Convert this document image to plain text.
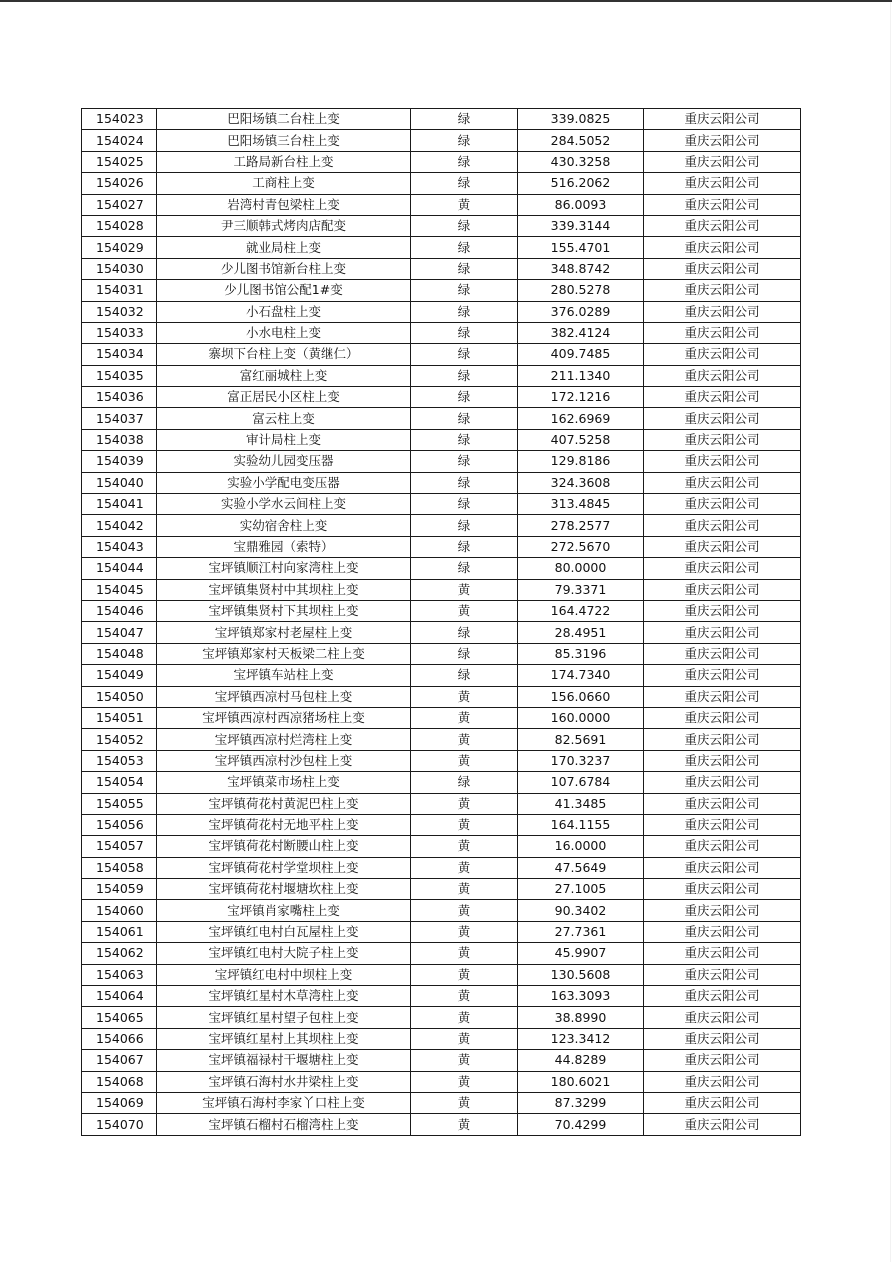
154023	巴阳场镇二台柱上变	绿	339.0825	重庆云阳公司
154024	巴阳场镇三台柱上变	绿	284.5052	重庆云阳公司
154025	工路局新台柱上变	绿	430.3258	重庆云阳公司
154026	工商柱上变	绿	516.2062	重庆云阳公司
154027	岩湾村青包梁柱上变	黄	86.0093	重庆云阳公司
154028	尹三顺韩式烤肉店配变	绿	339.3144	重庆云阳公司
154029	就业局柱上变	绿	155.4701	重庆云阳公司
154030	少儿图书馆新台柱上变	绿	348.8742	重庆云阳公司
154031	少儿图书馆公配1#变	绿	280.5278	重庆云阳公司
154032	小石盘柱上变	绿	376.0289	重庆云阳公司
154033	小水电柱上变	绿	382.4124	重庆云阳公司
154034	寨坝下台柱上变（黄继仁）	绿	409.7485	重庆云阳公司
154035	富红丽城柱上变	绿	211.1340	重庆云阳公司
154036	富正居民小区柱上变	绿	172.1216	重庆云阳公司
154037	富云柱上变	绿	162.6969	重庆云阳公司
154038	审计局柱上变	绿	407.5258	重庆云阳公司
154039	实验幼儿园变压器	绿	129.8186	重庆云阳公司
154040	实验小学配电变压器	绿	324.3608	重庆云阳公司
154041	实验小学水云间柱上变	绿	313.4845	重庆云阳公司
154042	实幼宿舍柱上变	绿	278.2577	重庆云阳公司
154043	宝鼎雅园（索特）	绿	272.5670	重庆云阳公司
154044	宝坪镇顺江村向家湾柱上变	绿	80.0000	重庆云阳公司
154045	宝坪镇集贤村中其坝柱上变	黄	79.3371	重庆云阳公司
154046	宝坪镇集贤村下其坝柱上变	黄	164.4722	重庆云阳公司
154047	宝坪镇郑家村老屋柱上变	绿	28.4951	重庆云阳公司
154048	宝坪镇郑家村天板梁二柱上变	绿	85.3196	重庆云阳公司
154049	宝坪镇车站柱上变	绿	174.7340	重庆云阳公司
154050	宝坪镇西凉村马包柱上变	黄	156.0660	重庆云阳公司
154051	宝坪镇西凉村西凉猪场柱上变	黄	160.0000	重庆云阳公司
154052	宝坪镇西凉村烂湾柱上变	黄	82.5691	重庆云阳公司
154053	宝坪镇西凉村沙包柱上变	黄	170.3237	重庆云阳公司
154054	宝坪镇菜市场柱上变	绿	107.6784	重庆云阳公司
154055	宝坪镇荷花村黄泥巴柱上变	黄	41.3485	重庆云阳公司
154056	宝坪镇荷花村无地平柱上变	黄	164.1155	重庆云阳公司
154057	宝坪镇荷花村断腰山柱上变	黄	16.0000	重庆云阳公司
154058	宝坪镇荷花村学堂坝柱上变	黄	47.5649	重庆云阳公司
154059	宝坪镇荷花村堰塘坎柱上变	黄	27.1005	重庆云阳公司
154060	宝坪镇肖家嘴柱上变	黄	90.3402	重庆云阳公司
154061	宝坪镇红电村白瓦屋柱上变	黄	27.7361	重庆云阳公司
154062	宝坪镇红电村大院子柱上变	黄	45.9907	重庆云阳公司
154063	宝坪镇红电村中坝柱上变	黄	130.5608	重庆云阳公司
154064	宝坪镇红星村木草湾柱上变	黄	163.3093	重庆云阳公司
154065	宝坪镇红星村望子包柱上变	黄	38.8990	重庆云阳公司
154066	宝坪镇红星村上其坝柱上变	黄	123.3412	重庆云阳公司
154067	宝坪镇福禄村干堰塘柱上变	黄	44.8289	重庆云阳公司
154068	宝坪镇石海村水井梁柱上变	黄	180.6021	重庆云阳公司
154069	宝坪镇石海村李家丫口柱上变	黄	87.3299	重庆云阳公司
154070	宝坪镇石榴村石榴湾柱上变	黄	70.4299	重庆云阳公司
